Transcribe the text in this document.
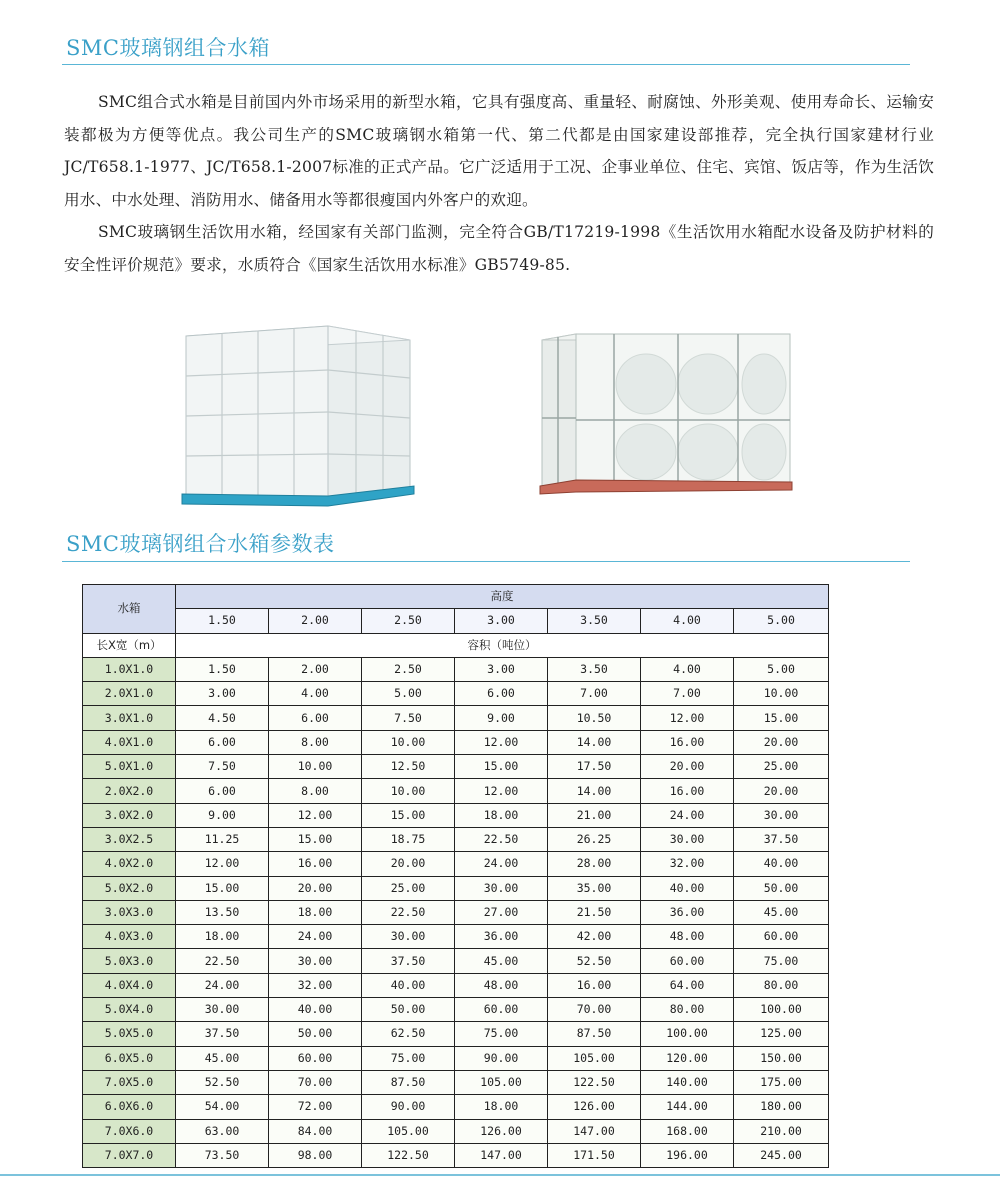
SMC玻璃钢组合水箱

SMC组合式水箱是目前国内外市场采用的新型水箱，它具有强度高、重量轻、耐腐蚀、外形美观、使用寿命长、运输安装都极为方便等优点。我公司生产的SMC玻璃钢水箱第一代、第二代都是由国家建设部推荐，完全执行国家建材行业JC/T658.1-1977、JC/T658.1-2007标准的正式产品。它广泛适用于工况、企事业单位、住宅、宾馆、饭店等，作为生活饮用水、中水处理、消防用水、储备用水等都很瘦国内外客户的欢迎。

SMC玻璃钢生活饮用水箱，经国家有关部门监测，完全符合GB/T17219-1998《生活饮用水箱配水设备及防护材料的安全性评价规范》要求，水质符合《国家生活饮用水标准》GB5749-85.

SMC玻璃钢组合水箱参数表
水箱	高度						
	1.50	2.00	2.50	3.00	3.50	4.00	5.00
长X宽（m）	容积（吨位）						
1.0X1.0	1.50	2.00	2.50	3.00	3.50	4.00	5.00
2.0X1.0	3.00	4.00	5.00	6.00	7.00	7.00	10.00
3.0X1.0	4.50	6.00	7.50	9.00	10.50	12.00	15.00
4.0X1.0	6.00	8.00	10.00	12.00	14.00	16.00	20.00
5.0X1.0	7.50	10.00	12.50	15.00	17.50	20.00	25.00
2.0X2.0	6.00	8.00	10.00	12.00	14.00	16.00	20.00
3.0X2.0	9.00	12.00	15.00	18.00	21.00	24.00	30.00
3.0X2.5	11.25	15.00	18.75	22.50	26.25	30.00	37.50
4.0X2.0	12.00	16.00	20.00	24.00	28.00	32.00	40.00
5.0X2.0	15.00	20.00	25.00	30.00	35.00	40.00	50.00
3.0X3.0	13.50	18.00	22.50	27.00	21.50	36.00	45.00
4.0X3.0	18.00	24.00	30.00	36.00	42.00	48.00	60.00
5.0X3.0	22.50	30.00	37.50	45.00	52.50	60.00	75.00
4.0X4.0	24.00	32.00	40.00	48.00	16.00	64.00	80.00
5.0X4.0	30.00	40.00	50.00	60.00	70.00	80.00	100.00
5.0X5.0	37.50	50.00	62.50	75.00	87.50	100.00	125.00
6.0X5.0	45.00	60.00	75.00	90.00	105.00	120.00	150.00
7.0X5.0	52.50	70.00	87.50	105.00	122.50	140.00	175.00
6.0X6.0	54.00	72.00	90.00	18.00	126.00	144.00	180.00
7.0X6.0	63.00	84.00	105.00	126.00	147.00	168.00	210.00
7.0X7.0	73.50	98.00	122.50	147.00	171.50	196.00	245.00
